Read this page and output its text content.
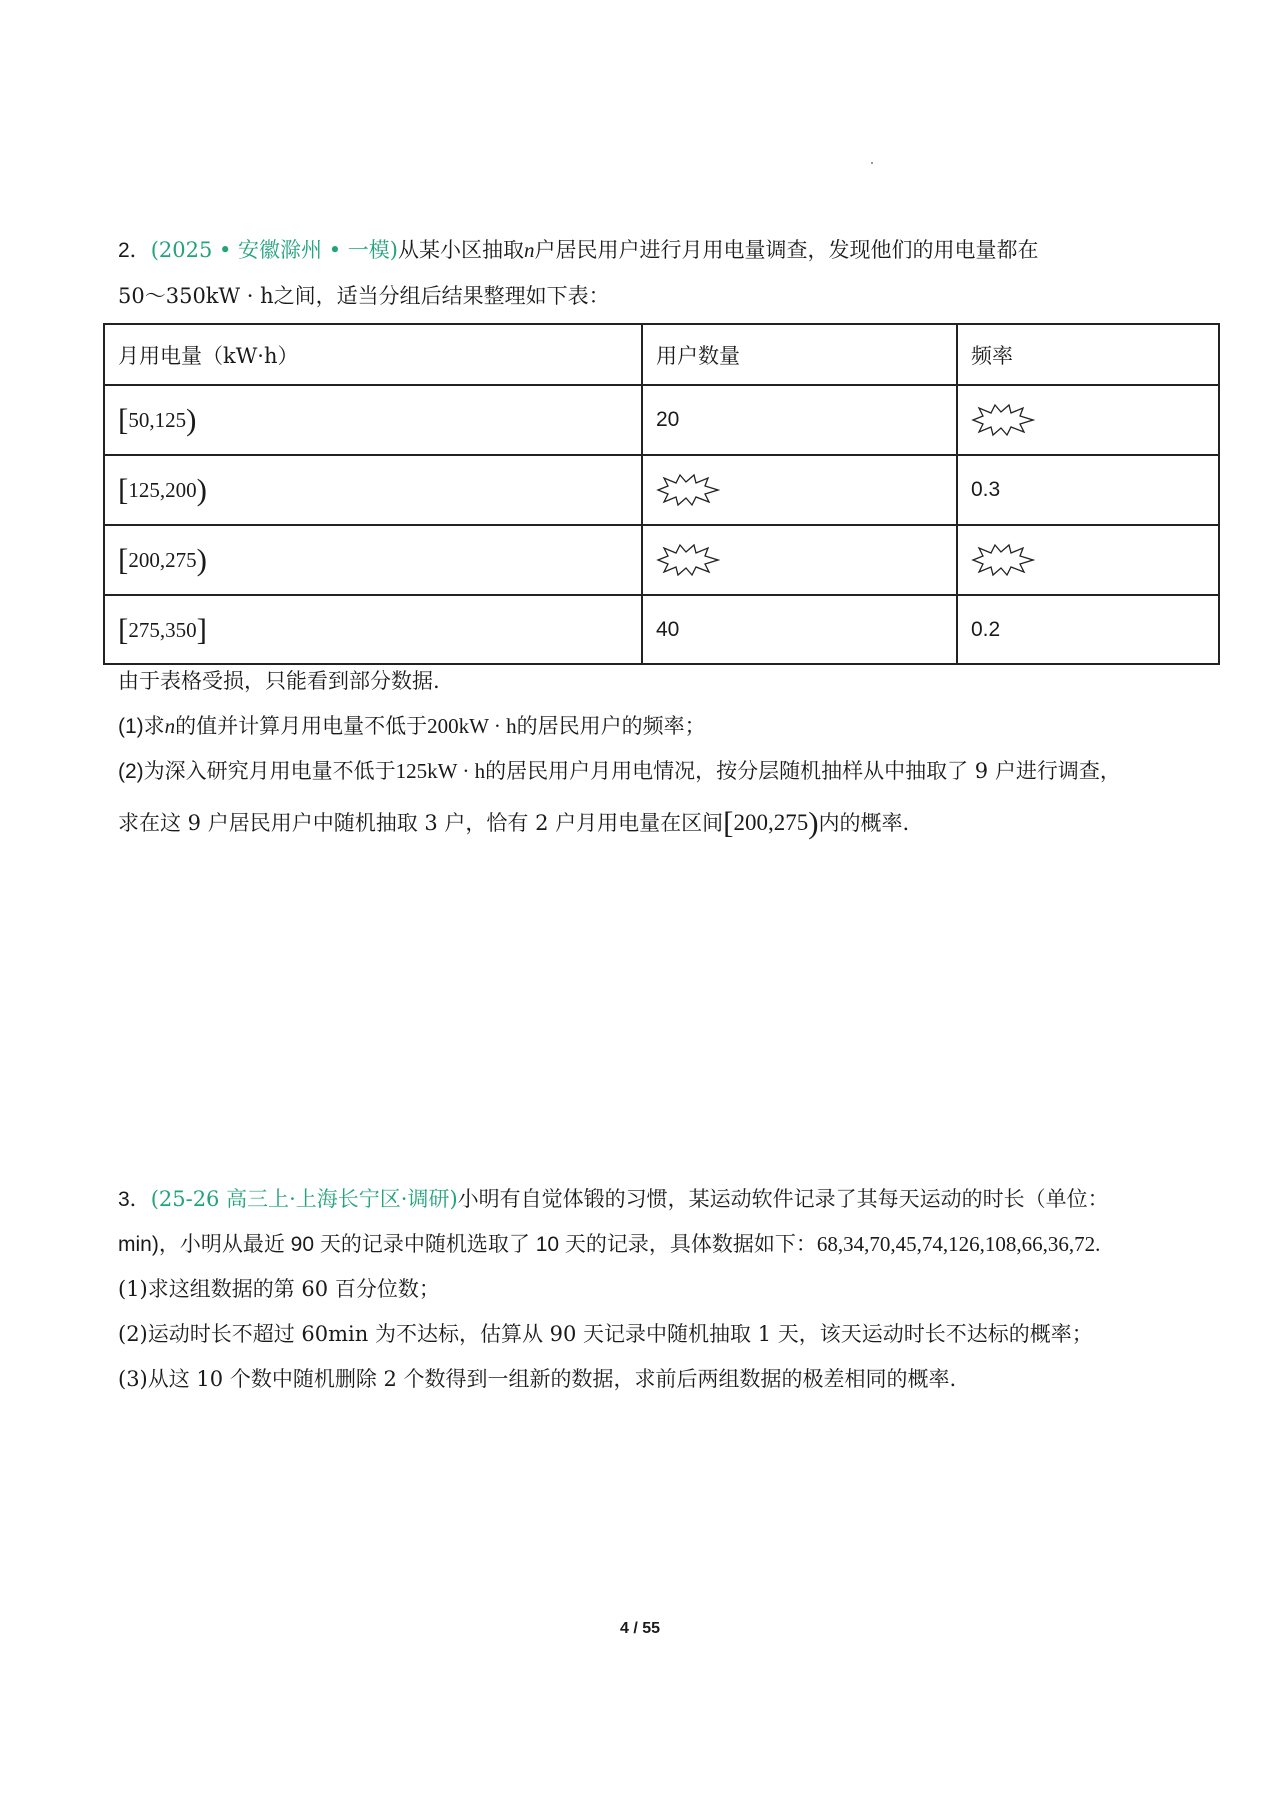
2．(2025 • 安徽滁州 • 一模)从某小区抽取n户居民用户进行月用电量调查，发现他们的用电量都在
50～350kW · h之间，适当分组后结果整理如下表：
月用电量（kW·h）	用户数量	频率
[50,125)	20	
[125,200)		0.3
[200,275)		
[275,350]	40	0.2
由于表格受损，只能看到部分数据.
(1)求n的值并计算月用电量不低于200kW · h的居民用户的频率；
(2)为深入研究月用电量不低于125kW · h的居民用户月用电情况，按分层随机抽样从中抽取了 9 户进行调查，
求在这 9 户居民用户中随机抽取 3 户，恰有 2 户月用电量在区间[200,275)内的概率.
3．(25-26 高三上·上海长宁区·调研)小明有自觉体锻的习惯，某运动软件记录了其每天运动的时长（单位：
min)，小明从最近 90 天的记录中随机选取了 10 天的记录，具体数据如下：68,34,70,45,74,126,108,66,36,72.
(1)求这组数据的第 60 百分位数；
(2)运动时长不超过 60min 为不达标，估算从 90 天记录中随机抽取 1 天，该天运动时长不达标的概率；
(3)从这 10 个数中随机删除 2 个数得到一组新的数据，求前后两组数据的极差相同的概率.
4 / 55
